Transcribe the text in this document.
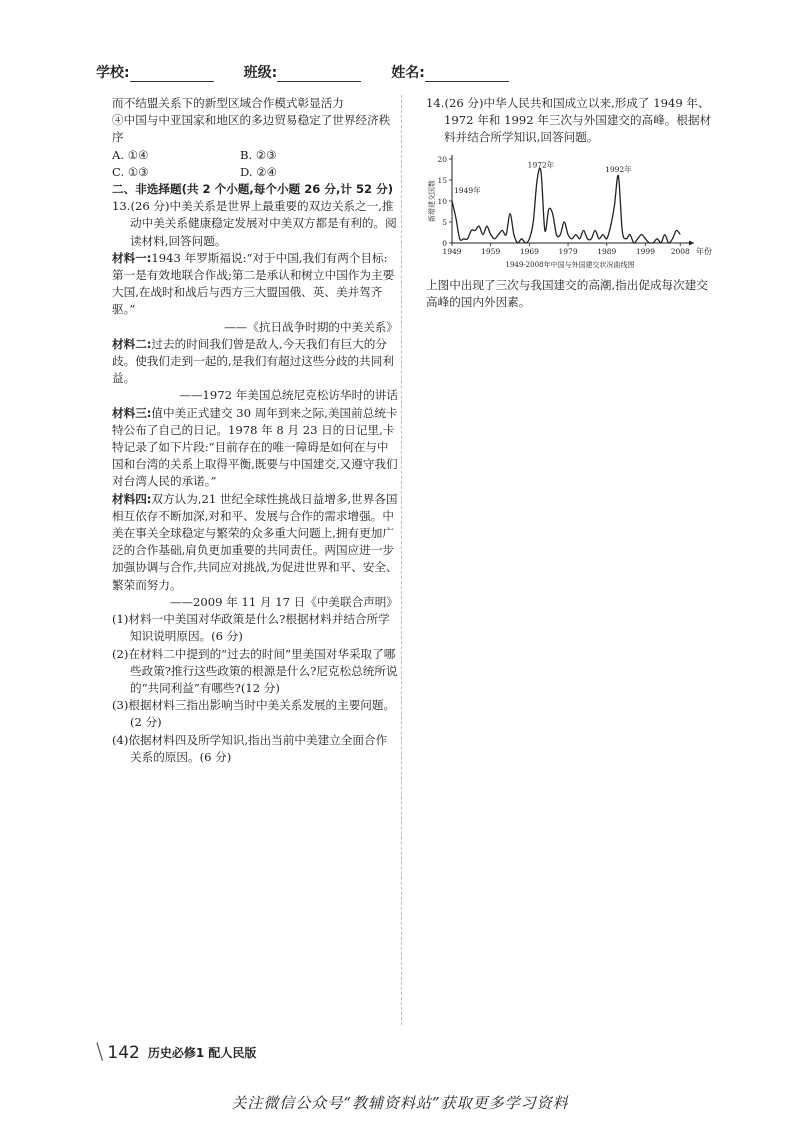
学校:	班级:	姓名:

而不结盟关系下的新型区域合作模式彰显活力

④中国与中亚国家和地区的多边贸易稳定了世界经济秩序

A. ①④	B. ②③
C. ①③	D. ②④

二、非选择题(共 2 个小题,每个小题 26 分,计 52 分)

13.(26 分)中美关系是世界上最重要的双边关系之一,推动中美关系健康稳定发展对中美双方都是有利的。阅读材料,回答问题。

材料一:1943 年罗斯福说:“对于中国,我们有两个目标:第一是有效地联合作战;第二是承认和树立中国作为主要大国,在战时和战后与西方三大盟国俄、英、美并驾齐驱。”

——《抗日战争时期的中美关系》

材料二:过去的时间我们曾是敌人,今天我们有巨大的分歧。使我们走到一起的,是我们有超过这些分歧的共同利益。

——1972 年美国总统尼克松访华时的讲话

材料三:值中美正式建交 30 周年到来之际,美国前总统卡特公布了自己的日记。1978 年 8 月 23 日的日记里,卡特记录了如下片段:“目前存在的唯一障碍是如何在与中国和台湾的关系上取得平衡,既要与中国建交,又遵守我们对台湾人民的承诺。”

材料四:双方认为,21 世纪全球性挑战日益增多,世界各国相互依存不断加深,对和平、发展与合作的需求增强。中美在事关全球稳定与繁荣的众多重大问题上,拥有更加广泛的合作基础,肩负更加重要的共同责任。两国应进一步加强协调与合作,共同应对挑战,为促进世界和平、安全、繁荣而努力。

——2009 年 11 月 17 日《中美联合声明》

(1)材料一中美国对华政策是什么?根据材料并结合所学知识说明原因。(6 分)

(2)在材料二中提到的“过去的时间”里美国对华采取了哪些政策?推行这些政策的根源是什么?尼克松总统所说的“共同利益”有哪些?(12 分)

(3)根据材料三指出影响当时中美关系发展的主要问题。(2 分)

(4)依据材料四及所学知识,指出当前中美建立全面合作关系的原因。(6 分)

14.(26 分)中华人民共和国成立以来,形成了 1949 年、1972 年和 1992 年三次与外国建交的高峰。根据材料并结合所学知识,回答问题。

0
5
10
15
20
1949	1959	1969	1979	1989	1999 2008
1949年
1972年	1992年
新增建交国数
年份
1949-2008年中国与外国建交状况曲线图

上图中出现了三次与我国建交的高潮,指出促成每次建交高峰的国内外因素。

\ 142 历史必修1 配人民版
关注微信公众号“教辅资料站”获取更多学习资料
